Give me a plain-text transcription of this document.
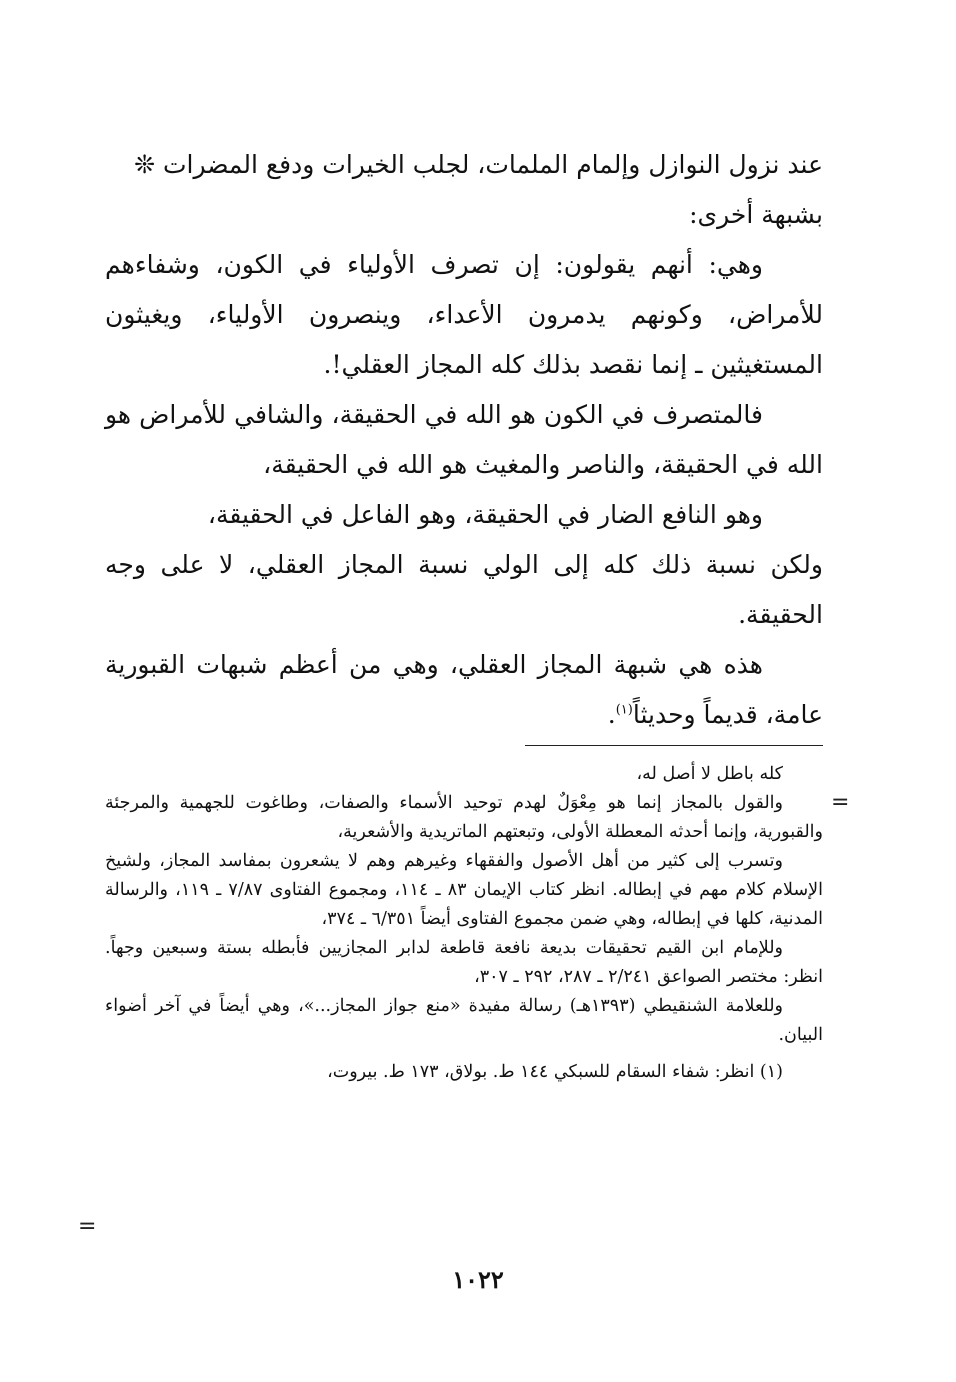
عند نزول النوازل وإلمام الملمات، لجلب الخيرات ودفع المضرات ❊

بشبهة أخرى:

وهي: أنهم يقولون: إن تصرف الأولياء في الكون، وشفاءهم للأمراض، وكونهم يدمرون الأعداء، وينصرون الأولياء، ويغيثون المستغيثين ـ إنما نقصد بذلك كله المجاز العقلي!.

فالمتصرف في الكون هو الله في الحقيقة، والشافي للأمراض هو الله في الحقيقة، والناصر والمغيث هو الله في الحقيقة،

وهو النافع الضار في الحقيقة، وهو الفاعل في الحقيقة،

ولكن نسبة ذلك كله إلى الولي نسبة المجاز العقلي، لا على وجه الحقيقة.

هذه هي شبهة المجاز العقلي، وهي من أعظم شبهات القبورية عامة، قديماً وحديثاً$^{(١)}$.

=

كله باطل لا أصل له،

والقول بالمجاز إنما هو مِعْوَلٌ لهدم توحيد الأسماء والصفات، وطاغوت للجهمية والمرجئة والقبورية، وإنما أحدثه المعطلة الأولى، وتبعتهم الماتريدية والأشعرية،

وتسرب إلى كثير من أهل الأصول والفقهاء وغيرهم وهم لا يشعرون بمفاسد المجاز، ولشيخ الإسلام كلام مهم في إبطاله. انظر كتاب الإيمان ٨٣ ـ ١١٤، ومجموع الفتاوى ٧/٨٧ ـ ١١٩، والرسالة المدنية، كلها في إبطاله، وهي ضمن مجموع الفتاوى أيضاً ٦/٣٥١ ـ ٣٧٤،

وللإمام ابن القيم تحقيقات بديعة نافعة قاطعة لدابر المجازيين فأبطله بستة وسبعين وجهاً. انظر: مختصر الصواعق ٢/٢٤١ ـ ٢٨٧، ٢٩٢ ـ ٣٠٧،

وللعلامة الشنقيطي (١٣٩٣هـ) رسالة مفيدة «منع جواز المجاز...»، وهي أيضاً في آخر أضواء البيان.

(١) انظر: شفاء السقام للسبكي ١٤٤ ط. بولاق، ١٧٣ ط. بيروت،

=
١٠٢٢
